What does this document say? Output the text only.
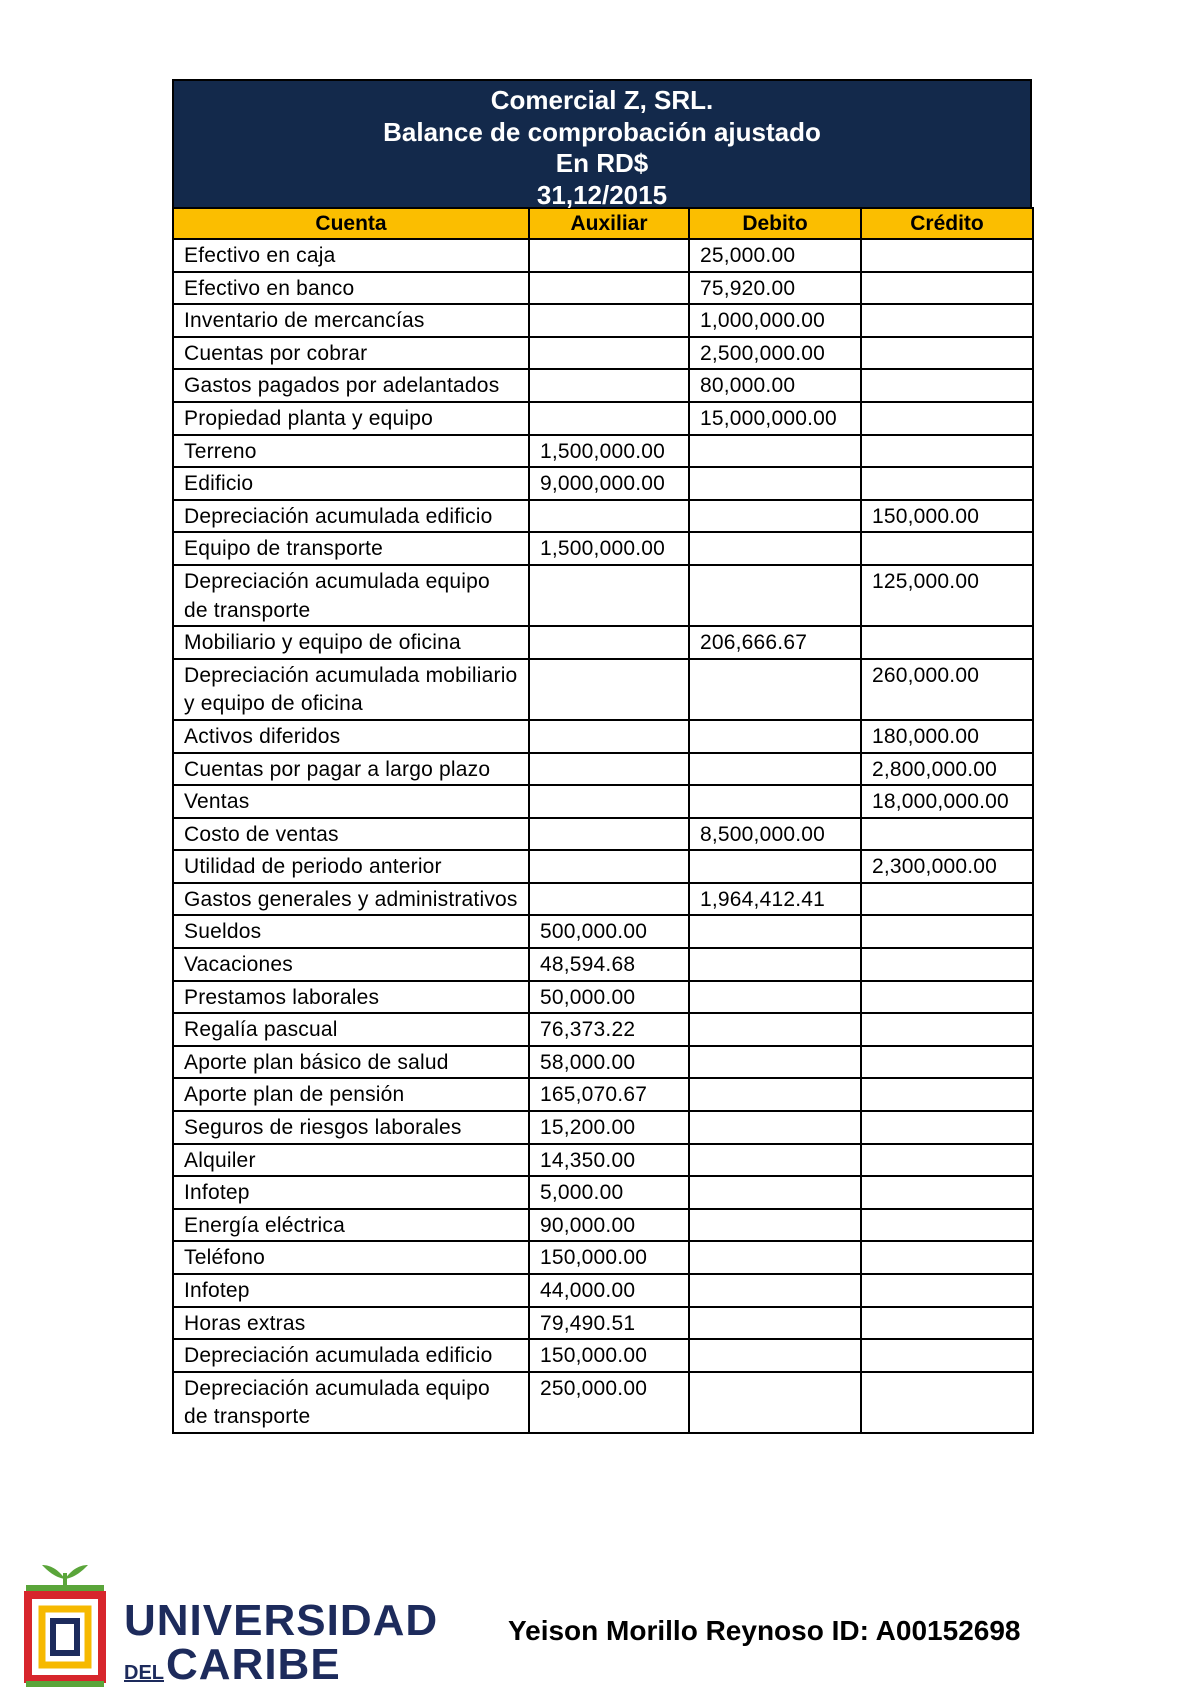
Comercial Z, SRL.
Balance de comprobación ajustado
En RD$
31,12/2015
Cuenta	Auxiliar	Debito	Crédito
Efectivo en caja		25,000.00	
Efectivo en banco		75,920.00	
Inventario de mercancías		1,000,000.00	
Cuentas por cobrar		2,500,000.00	
Gastos pagados por adelantados		80,000.00	
Propiedad planta y equipo		15,000,000.00	
Terreno	1,500,000.00		
Edificio	9,000,000.00		
Depreciación acumulada edificio			150,000.00
Equipo de transporte	1,500,000.00		
Depreciación acumulada equipo de transporte			125,000.00
Mobiliario y equipo de oficina		206,666.67	
Depreciación acumulada mobiliario y equipo de oficina			260,000.00
Activos diferidos			180,000.00
Cuentas por pagar a largo plazo			2,800,000.00
Ventas			18,000,000.00
Costo de ventas		8,500,000.00	
Utilidad de periodo anterior			2,300,000.00
Gastos generales y administrativos		1,964,412.41	
Sueldos	500,000.00		
Vacaciones	48,594.68		
Prestamos laborales	50,000.00		
Regalía pascual	76,373.22		
Aporte plan básico de salud	58,000.00		
Aporte plan de pensión	165,070.67		
Seguros de riesgos laborales	15,200.00		
Alquiler	14,350.00		
Infotep	5,000.00		
Energía eléctrica	90,000.00		
Teléfono	150,000.00		
Infotep	44,000.00		
Horas extras	79,490.51		
Depreciación acumulada edificio	150,000.00		
Depreciación acumulada equipo de transporte	250,000.00		
UNIVERSIDAD
DELCARIBE
Yeison Morillo Reynoso ID: A00152698
